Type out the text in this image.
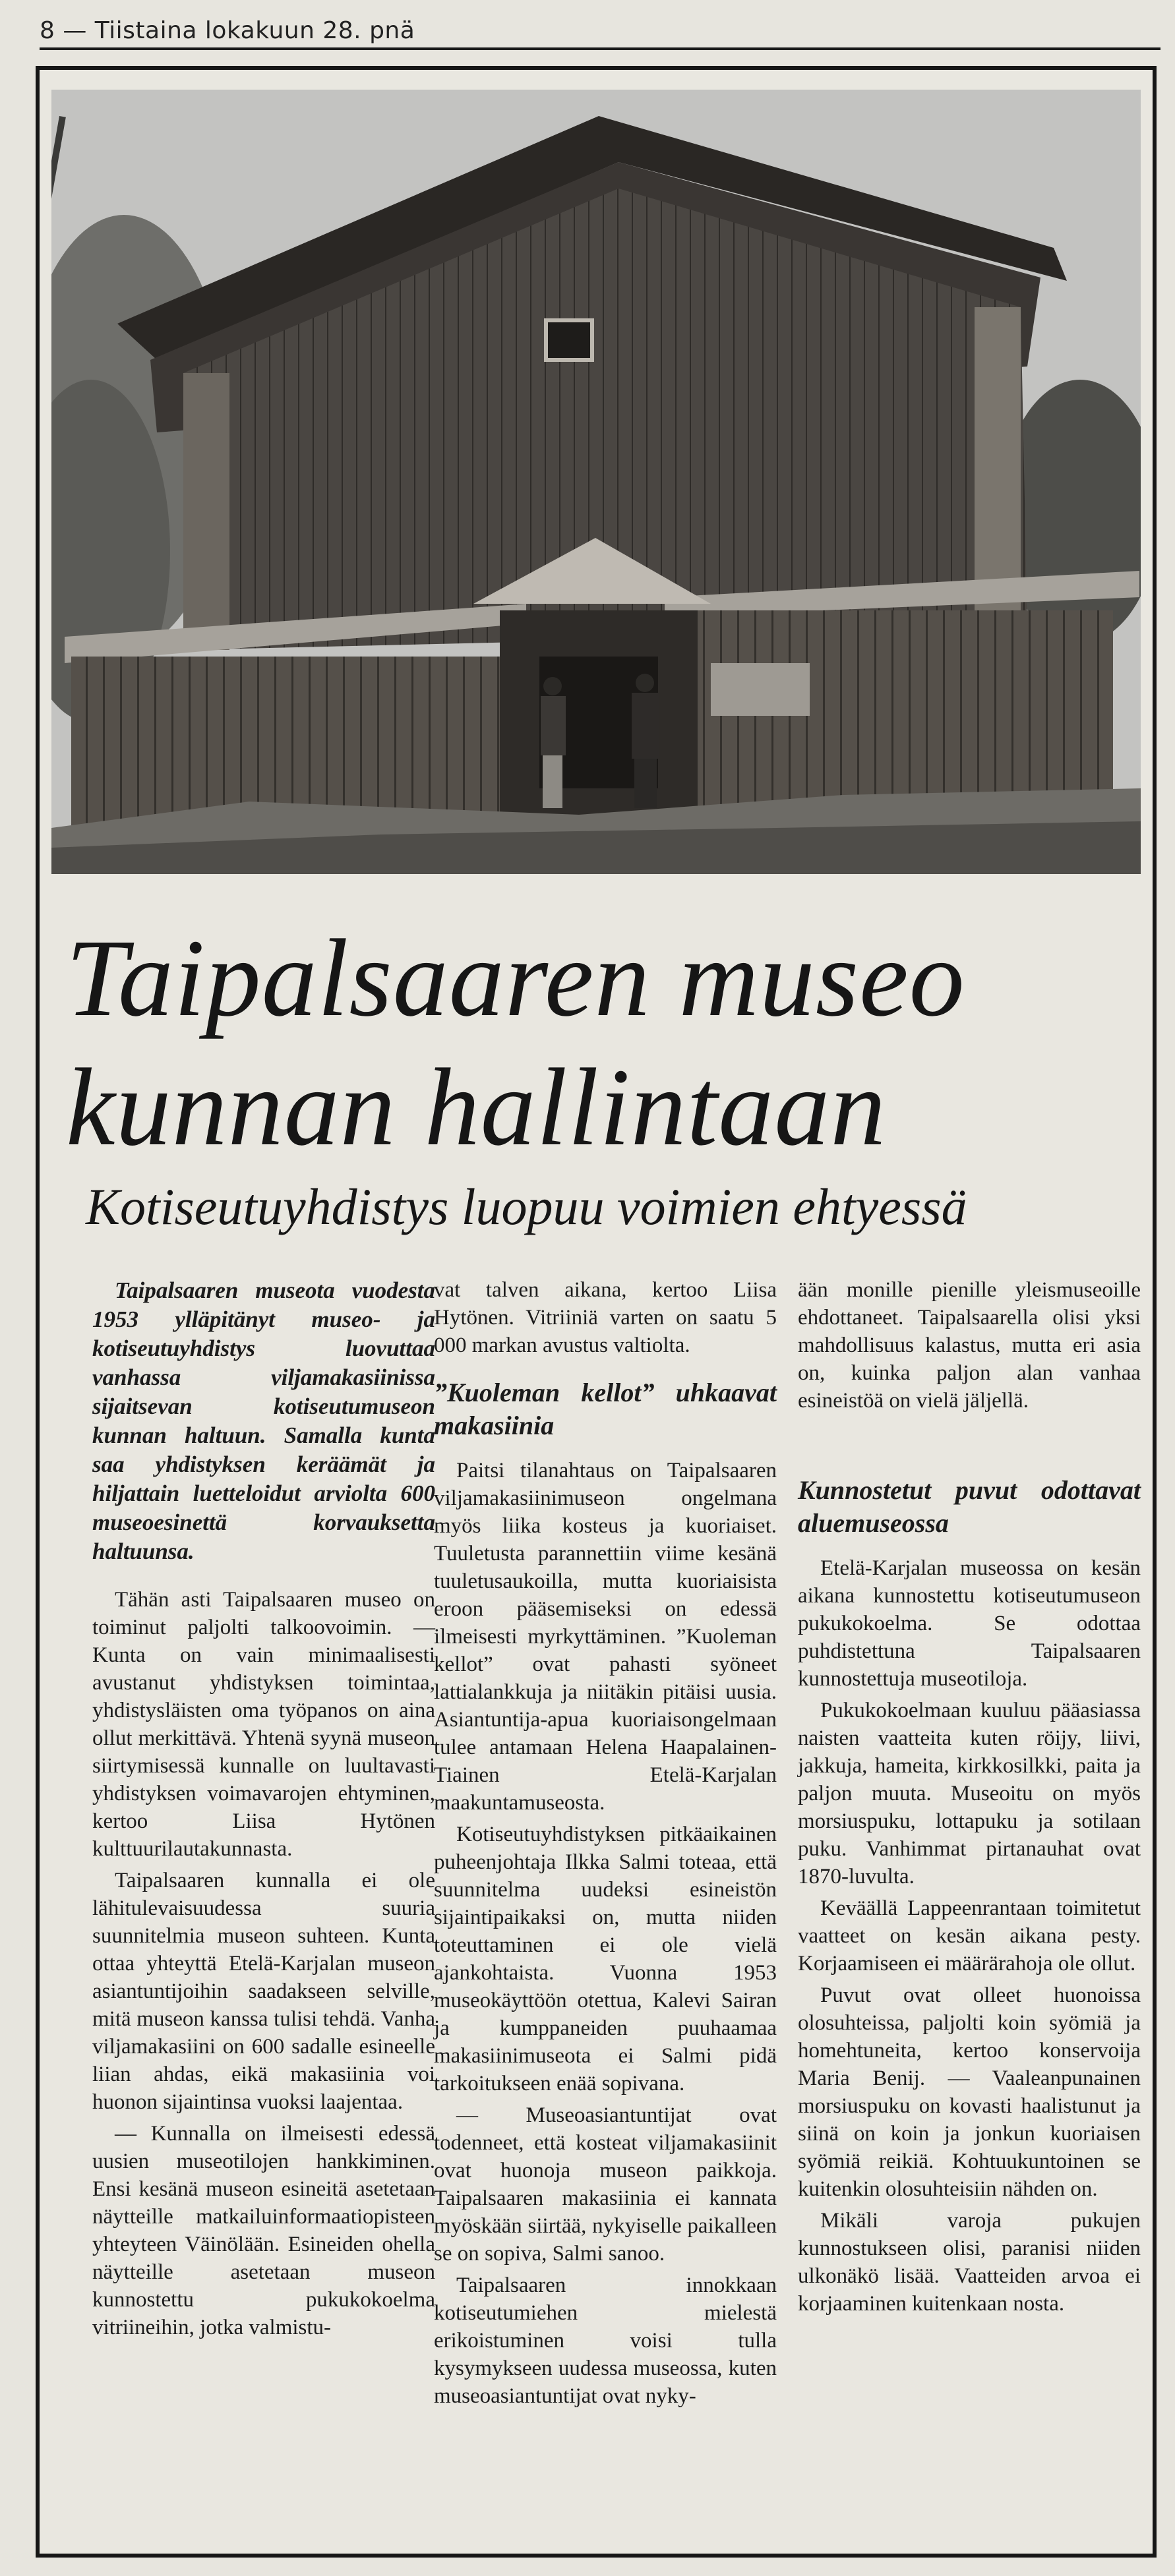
8 — Tiistaina lokakuun 28. pnä
Taipalsaaren museo kunnan hallintaan
Kotiseutuyhdistys luopuu voimien ehtyessä

Taipalsaaren museota vuodesta 1953 ylläpitänyt museo- ja kotiseutuyhdistys luovuttaa vanhassa viljamakasiinissa sijaitsevan kotiseutumuseon kunnan haltuun. Samalla kunta saa yhdistyksen keräämät ja hiljattain luetteloidut arviolta 600 museoesinettä korvauksetta haltuunsa.

Tähän asti Taipalsaaren museo on toiminut paljolti talkoovoimin. — Kunta on vain minimaalisesti avustanut yhdistyksen toimintaa, yhdistysläisten oma työpanos on aina ollut merkittävä. Yhtenä syynä museon siirtymisessä kunnalle on luultavasti yhdistyksen voimavarojen ehtyminen, kertoo Liisa Hytönen kulttuurilautakunnasta.

Taipalsaaren kunnalla ei ole lähitulevaisuudessa suuria suunnitelmia museon suhteen. Kunta ottaa yhteyttä Etelä-Karjalan museon asiantuntijoihin saadakseen selville, mitä museon kanssa tulisi tehdä. Vanha viljamakasiini on 600 sadalle esineelle liian ahdas, eikä makasiinia voi huonon sijaintinsa vuoksi laajentaa.

— Kunnalla on ilmeisesti edessä uusien museotilojen hankkiminen. Ensi kesänä museon esineitä asetetaan näytteille matkailuinformaatiopisteen yhteyteen Väinölään. Esineiden ohella näytteille asetetaan museon kunnostettu pukukokoelma vitriineihin, jotka valmistu-

vat talven aikana, kertoo Liisa Hytönen. Vitriiniä varten on saatu 5 000 markan avustus valtiolta.

”Kuoleman kellot” uhkaavat makasiinia

Paitsi tilanahtaus on Taipalsaaren viljamakasiinimuseon ongelmana myös liika kosteus ja kuoriaiset. Tuuletusta parannettiin viime kesänä tuuletusaukoilla, mutta kuoriaisista eroon pääsemiseksi on edessä ilmeisesti myrkyttäminen. ”Kuoleman kellot” ovat pahasti syöneet lattialankkuja ja niitäkin pitäisi uusia. Asiantuntija-apua kuoriaisongelmaan tulee antamaan Helena Haapalainen-Tiainen Etelä-Karjalan maakuntamuseosta.

Kotiseutuyhdistyksen pitkäaikainen puheenjohtaja Ilkka Salmi toteaa, että suunnitelma uudeksi esineistön sijaintipaikaksi on, mutta niiden toteuttaminen ei ole vielä ajankohtaista. Vuonna 1953 museokäyttöön otettua, Kalevi Sairan ja kumppaneiden puuhaamaa makasiinimuseota ei Salmi pidä tarkoitukseen enää sopivana.

— Museoasiantuntijat ovat todenneet, että kosteat viljamakasiinit ovat huonoja museon paikkoja. Taipalsaaren makasiinia ei kannata myöskään siirtää, nykyiselle paikalleen se on sopiva, Salmi sanoo.

Taipalsaaren innokkaan kotiseutumiehen mielestä erikoistuminen voisi tulla kysymykseen uudessa museossa, kuten museoasiantuntijat ovat nyky-

ään monille pienille yleismuseoille ehdottaneet. Taipalsaarella olisi yksi mahdollisuus kalastus, mutta eri asia on, kuinka paljon alan vanhaa esineistöä on vielä jäljellä.

Kunnostetut puvut odottavat aluemuseossa

Etelä-Karjalan museossa on kesän aikana kunnostettu kotiseutumuseon pukukokoelma. Se odottaa puhdistettuna Taipalsaaren kunnostettuja museotiloja.

Pukukokoelmaan kuuluu pääasiassa naisten vaatteita kuten röijy, liivi, jakkuja, hameita, kirkkosilkki, paita ja paljon muuta. Museoitu on myös morsiuspuku, lottapuku ja sotilaan puku. Vanhimmat pirtanauhat ovat 1870-luvulta.

Keväällä Lappeenrantaan toimitetut vaatteet on kesän aikana pesty. Korjaamiseen ei määrärahoja ole ollut.

Puvut ovat olleet huonoissa olosuhteissa, paljolti koin syömiä ja homehtuneita, kertoo konservoija Maria Benij. — Vaaleanpunainen morsiuspuku on kovasti haalistunut ja siinä on koin ja jonkun kuoriaisen syömiä reikiä. Kohtuukuntoinen se kuitenkin olosuhteisiin nähden on.

Mikäli varoja pukujen kunnostukseen olisi, paranisi niiden ulkonäkö lisää. Vaatteiden arvoa ei korjaaminen kuitenkaan nosta.
